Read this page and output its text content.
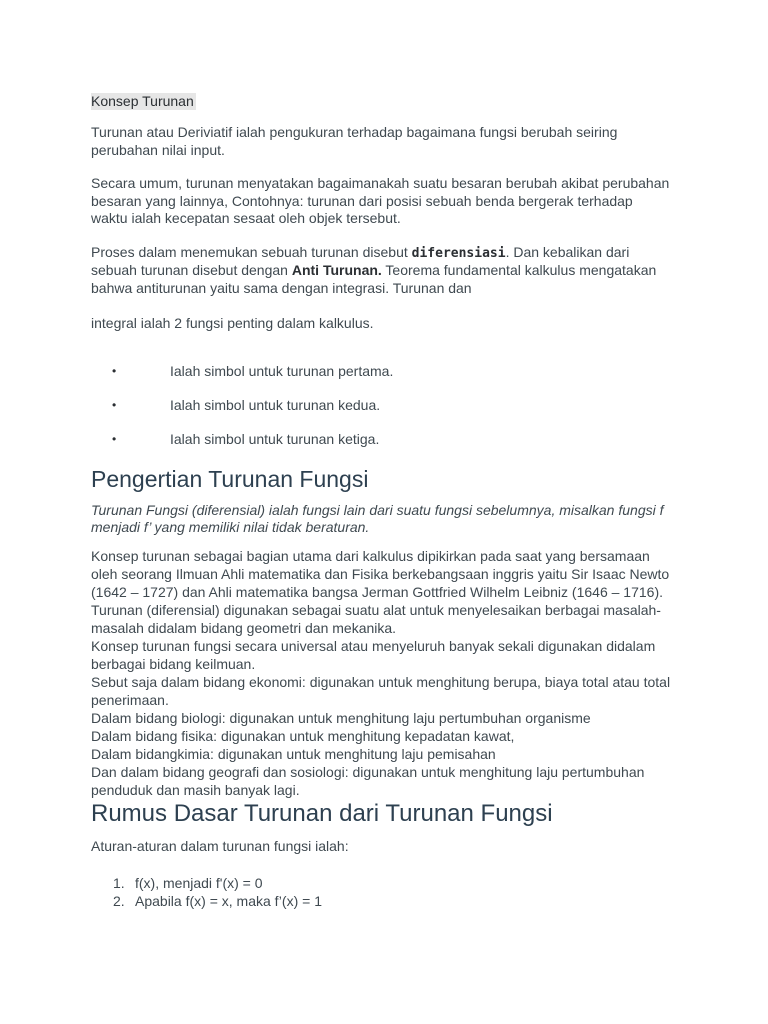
Konsep Turunan

Turunan atau Deriviatif ialah pengukuran terhadap bagaimana fungsi berubah seiring perubahan nilai input.

Secara umum, turunan menyatakan bagaimanakah suatu besaran berubah akibat perubahan besaran yang lainnya, Contohnya: turunan dari posisi sebuah benda bergerak terhadap waktu ialah kecepatan sesaat oleh objek tersebut.

Proses dalam menemukan sebuah turunan disebut diferensiasi. Dan kebalikan dari sebuah turunan disebut dengan Anti Turunan. Teorema fundamental kalkulus mengatakan bahwa antiturunan yaitu sama dengan integrasi. Turunan dan

integral ialah 2 fungsi penting dalam kalkulus.

•	Ialah simbol untuk turunan pertama.
•	Ialah simbol untuk turunan kedua.
•	Ialah simbol untuk turunan ketiga.
Pengertian Turunan Fungsi

Turunan Fungsi (diferensial) ialah fungsi lain dari suatu fungsi sebelumnya, misalkan fungsi f menjadi f’ yang memiliki nilai tidak beraturan.

Konsep turunan sebagai bagian utama dari kalkulus dipikirkan pada saat yang bersamaan oleh seorang Ilmuan Ahli matematika dan Fisika berkebangsaan inggris yaitu Sir Isaac Newto (1642 – 1727) dan Ahli matematika bangsa Jerman Gottfried Wilhelm Leibniz (1646 – 1716).

Turunan (diferensial) digunakan sebagai suatu alat untuk menyelesaikan berbagai masalah-masalah didalam bidang geometri dan mekanika.

Konsep turunan fungsi secara universal atau menyeluruh banyak sekali digunakan didalam berbagai bidang keilmuan.

Sebut saja dalam bidang ekonomi: digunakan untuk menghitung berupa, biaya total atau total penerimaan.

Dalam bidang biologi: digunakan untuk menghitung laju pertumbuhan organisme

Dalam bidang fisika: digunakan untuk menghitung kepadatan kawat,

Dalam bidangkimia: digunakan untuk menghitung laju pemisahan

Dan dalam bidang geografi dan sosiologi: digunakan untuk menghitung laju pertumbuhan penduduk dan masih banyak lagi.

Rumus Dasar Turunan dari Turunan Fungsi

Aturan-aturan dalam turunan fungsi ialah:

1. f(x), menjadi f'(x) = 0
2. Apabila f(x) = x, maka f’(x) = 1
